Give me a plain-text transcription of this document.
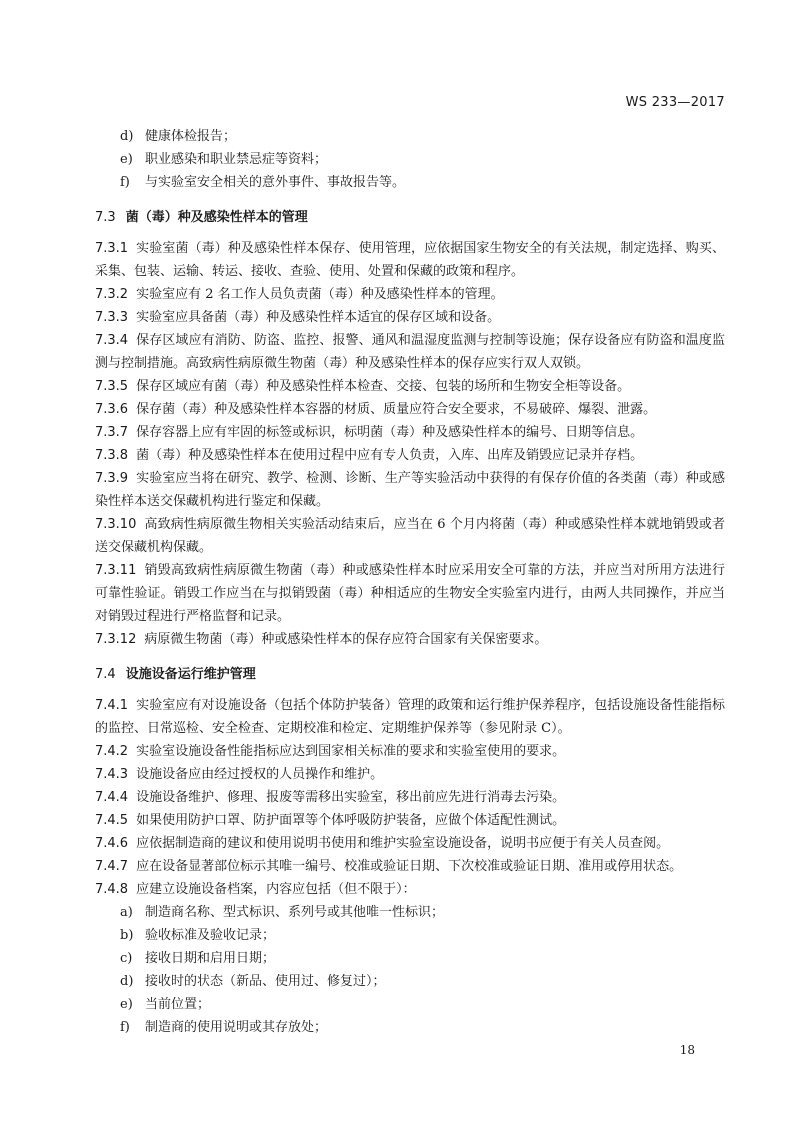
WS 233—2017
d) 健康体检报告；
e) 职业感染和职业禁忌症等资料；
f) 与实验室安全相关的意外事件、事故报告等。
7.3 菌（毒）种及感染性样本的管理

7.3.1 实验室菌（毒）种及感染性样本保存、使用管理，应依据国家生物安全的有关法规，制定选择、购买、采集、包装、运输、转运、接收、查验、使用、处置和保藏的政策和程序。

7.3.2 实验室应有 2 名工作人员负责菌（毒）种及感染性样本的管理。

7.3.3 实验室应具备菌（毒）种及感染性样本适宜的保存区域和设备。

7.3.4 保存区域应有消防、防盗、监控、报警、通风和温湿度监测与控制等设施；保存设备应有防盗和温度监测与控制措施。高致病性病原微生物菌（毒）种及感染性样本的保存应实行双人双锁。

7.3.5 保存区域应有菌（毒）种及感染性样本检查、交接、包装的场所和生物安全柜等设备。

7.3.6 保存菌（毒）种及感染性样本容器的材质、质量应符合安全要求，不易破碎、爆裂、泄露。

7.3.7 保存容器上应有牢固的标签或标识，标明菌（毒）种及感染性样本的编号、日期等信息。

7.3.8 菌（毒）种及感染性样本在使用过程中应有专人负责，入库、出库及销毁应记录并存档。

7.3.9 实验室应当将在研究、教学、检测、诊断、生产等实验活动中获得的有保存价值的各类菌（毒）种或感染性样本送交保藏机构进行鉴定和保藏。

7.3.10 高致病性病原微生物相关实验活动结束后，应当在 6 个月内将菌（毒）种或感染性样本就地销毁或者送交保藏机构保藏。

7.3.11 销毁高致病性病原微生物菌（毒）种或感染性样本时应采用安全可靠的方法，并应当对所用方法进行可靠性验证。销毁工作应当在与拟销毁菌（毒）种相适应的生物安全实验室内进行，由两人共同操作，并应当对销毁过程进行严格监督和记录。

7.3.12 病原微生物菌（毒）种或感染性样本的保存应符合国家有关保密要求。

7.4 设施设备运行维护管理

7.4.1 实验室应有对设施设备（包括个体防护装备）管理的政策和运行维护保养程序，包括设施设备性能指标的监控、日常巡检、安全检查、定期校准和检定、定期维护保养等（参见附录 C）。

7.4.2 实验室设施设备性能指标应达到国家相关标准的要求和实验室使用的要求。

7.4.3 设施设备应由经过授权的人员操作和维护。

7.4.4 设施设备维护、修理、报废等需移出实验室，移出前应先进行消毒去污染。

7.4.5 如果使用防护口罩、防护面罩等个体呼吸防护装备，应做个体适配性测试。

7.4.6 应依据制造商的建议和使用说明书使用和维护实验室设施设备，说明书应便于有关人员查阅。

7.4.7 应在设备显著部位标示其唯一编号、校准或验证日期、下次校准或验证日期、准用或停用状态。

7.4.8 应建立设施设备档案，内容应包括（但不限于）：

a) 制造商名称、型式标识、系列号或其他唯一性标识；
b) 验收标准及验收记录；
c) 接收日期和启用日期；
d) 接收时的状态（新品、使用过、修复过）；
e) 当前位置；
f) 制造商的使用说明或其存放处；
18
